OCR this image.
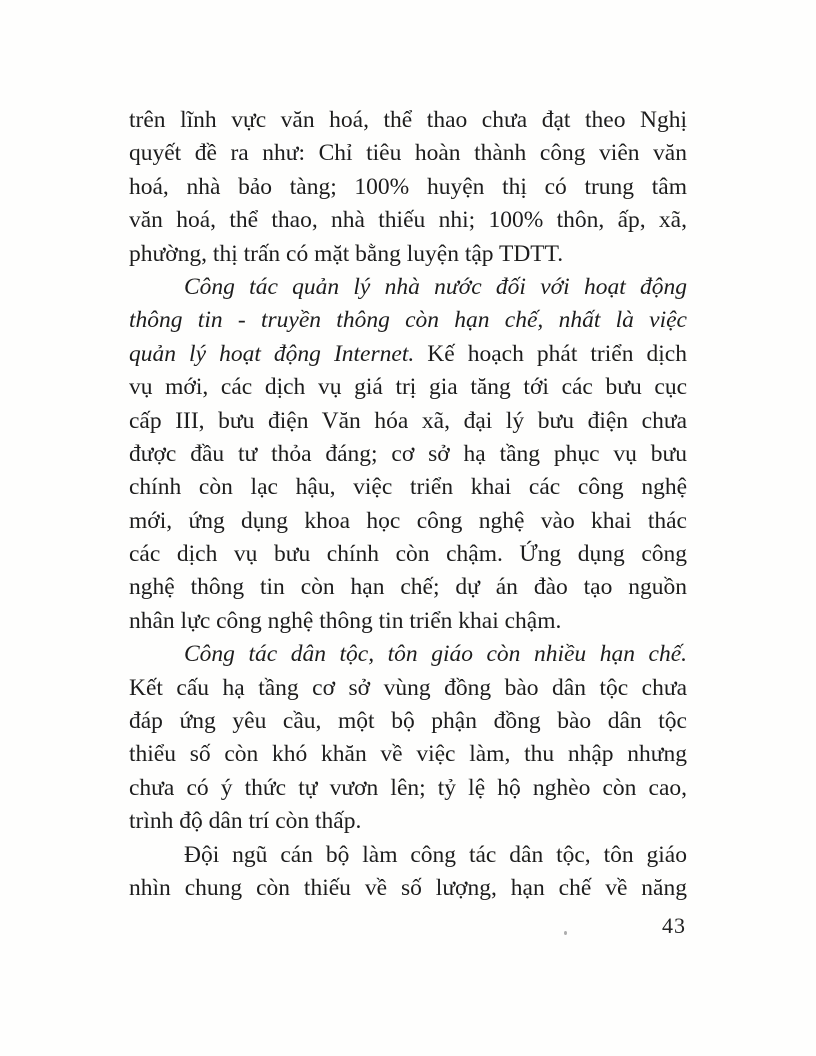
trên lĩnh vực văn hoá, thể thao chưa đạt theo Nghị
quyết đề ra như: Chỉ tiêu hoàn thành công viên văn
hoá, nhà bảo tàng; 100% huyện thị có trung tâm
văn hoá, thể thao, nhà thiếu nhi; 100% thôn, ấp, xã,
phường, thị trấn có mặt bằng luyện tập TDTT.
Công tác quản lý nhà nước đối với hoạt động
thông tin - truyền thông còn hạn chế, nhất là việc
quản lý hoạt động Internet. Kế hoạch phát triển dịch
vụ mới, các dịch vụ giá trị gia tăng tới các bưu cục
cấp III, bưu điện Văn hóa xã, đại lý bưu điện chưa
được đầu tư thỏa đáng; cơ sở hạ tầng phục vụ bưu
chính còn lạc hậu, việc triển khai các công nghệ
mới, ứng dụng khoa học công nghệ vào khai thác
các dịch vụ bưu chính còn chậm. Ứng dụng công
nghệ thông tin còn hạn chế; dự án đào tạo nguồn
nhân lực công nghệ thông tin triển khai chậm.
Công tác dân tộc, tôn giáo còn nhiều hạn chế.
Kết cấu hạ tầng cơ sở vùng đồng bào dân tộc chưa
đáp ứng yêu cầu, một bộ phận đồng bào dân tộc
thiểu số còn khó khăn về việc làm, thu nhập nhưng
chưa có ý thức tự vươn lên; tỷ lệ hộ nghèo còn cao,
trình độ dân trí còn thấp.
Đội ngũ cán bộ làm công tác dân tộc, tôn giáo
nhìn chung còn thiếu về số lượng, hạn chế về năng
43
